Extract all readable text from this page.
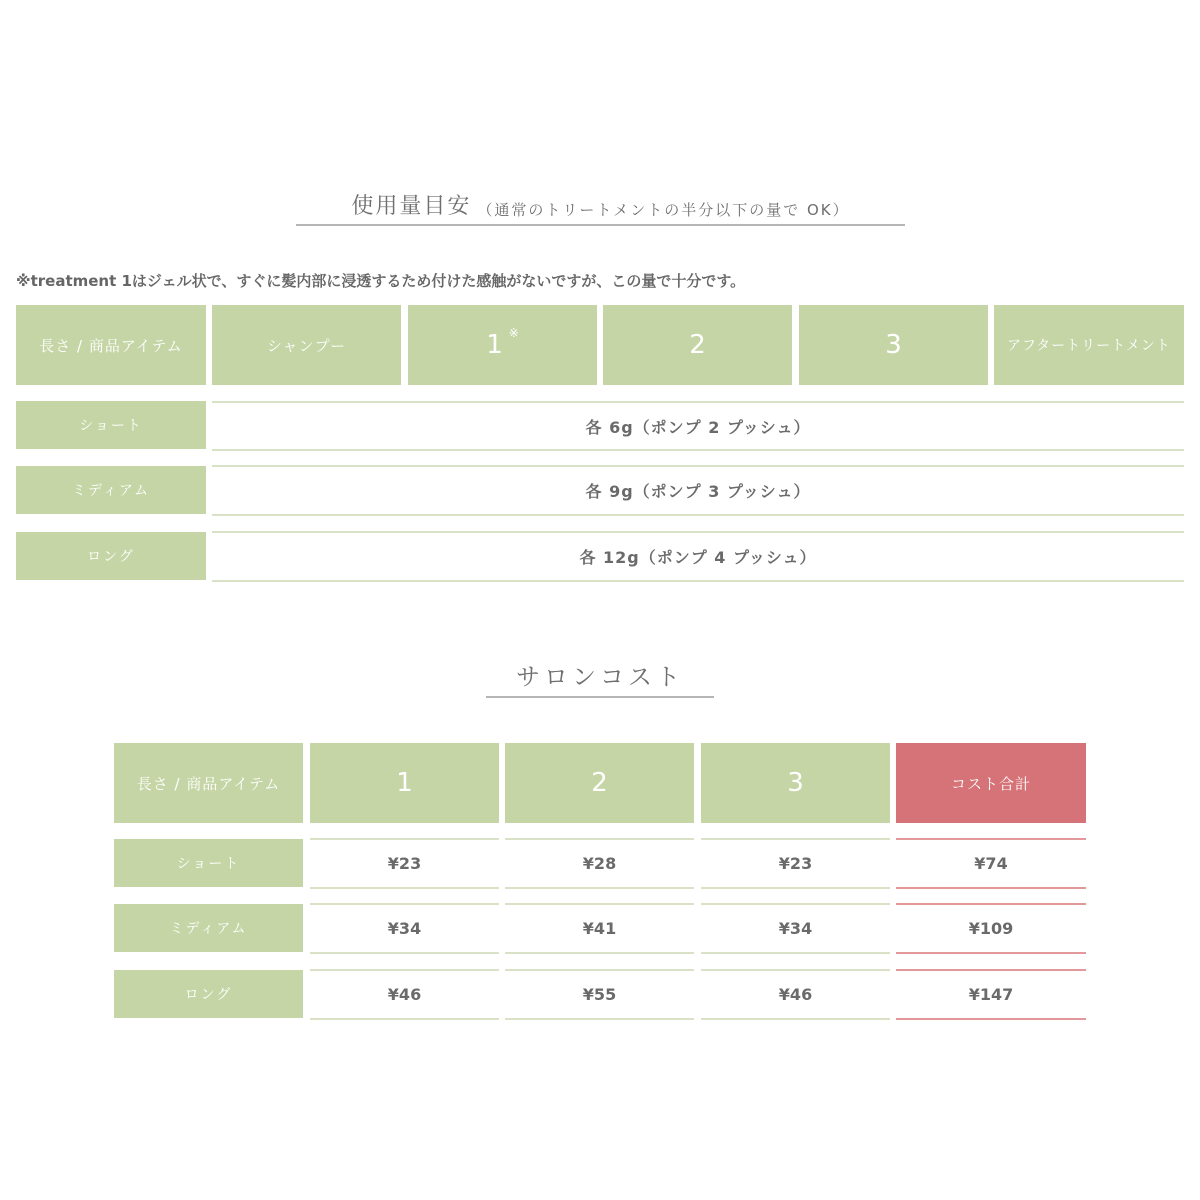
使用量目安 （通常のトリートメントの半分以下の量で OK）
※treatment 1はジェル状で、すぐに髪内部に浸透するため付けた感触がないですが、この量で十分です。
長さ / 商品アイテム	シャンプー	1 ※	2	3	アフタートリートメント
ショート	各 6g（ポンプ 2 プッシュ）
ミディアム	各 9g（ポンプ 3 プッシュ）
ロング	各 12g（ポンプ 4 プッシュ）
サロンコスト
長さ / 商品アイテム	1	2	3	コスト合計
ショート	¥23	¥28	¥23	¥74
ミディアム	¥34	¥41	¥34	¥109
ロング	¥46	¥55	¥46	¥147
